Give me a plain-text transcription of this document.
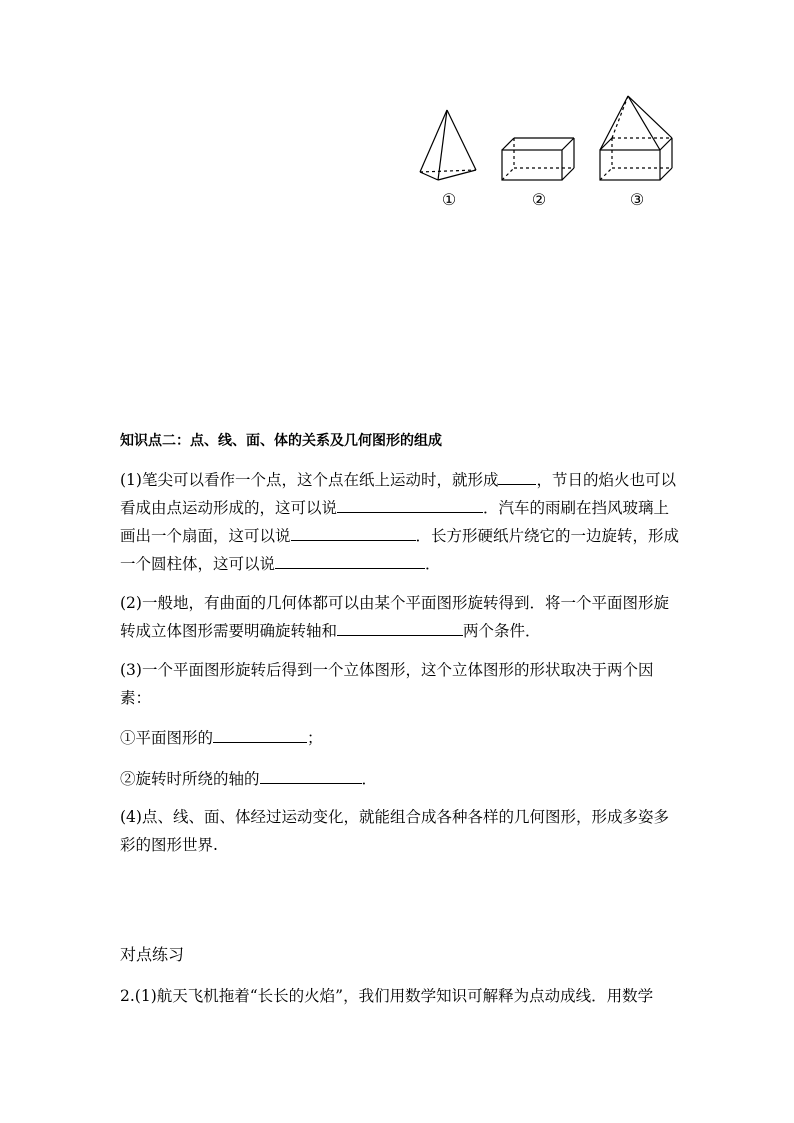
①	②	③
知识点二：点、线、面、体的关系及几何图形的组成
(1)笔尖可以看作一个点，这个点在纸上运动时，就形成 ，节日的焰火也可以看成由点运动形成的，这可以说	．汽车的雨刷在挡风玻璃上画出一个扇面，这可以说	．长方形硬纸片绕它的一边旋转，形成一个圆柱体，这可以说	．
(2)一般地，有曲面的几何体都可以由某个平面图形旋转得到．将一个平面图形旋转成立体图形需要明确旋转轴和	两个条件．
(3)一个平面图形旋转后得到一个立体图形，这个立体图形的形状取决于两个因素：
①平面图形的	；
②旋转时所绕的轴的	．
(4)点、线、面、体经过运动变化，就能组合成各种各样的几何图形，形成多姿多彩的图形世界.
对点练习
2.(1)航天飞机拖着“长长的火焰”，我们用数学知识可解释为点动成线．用数学
